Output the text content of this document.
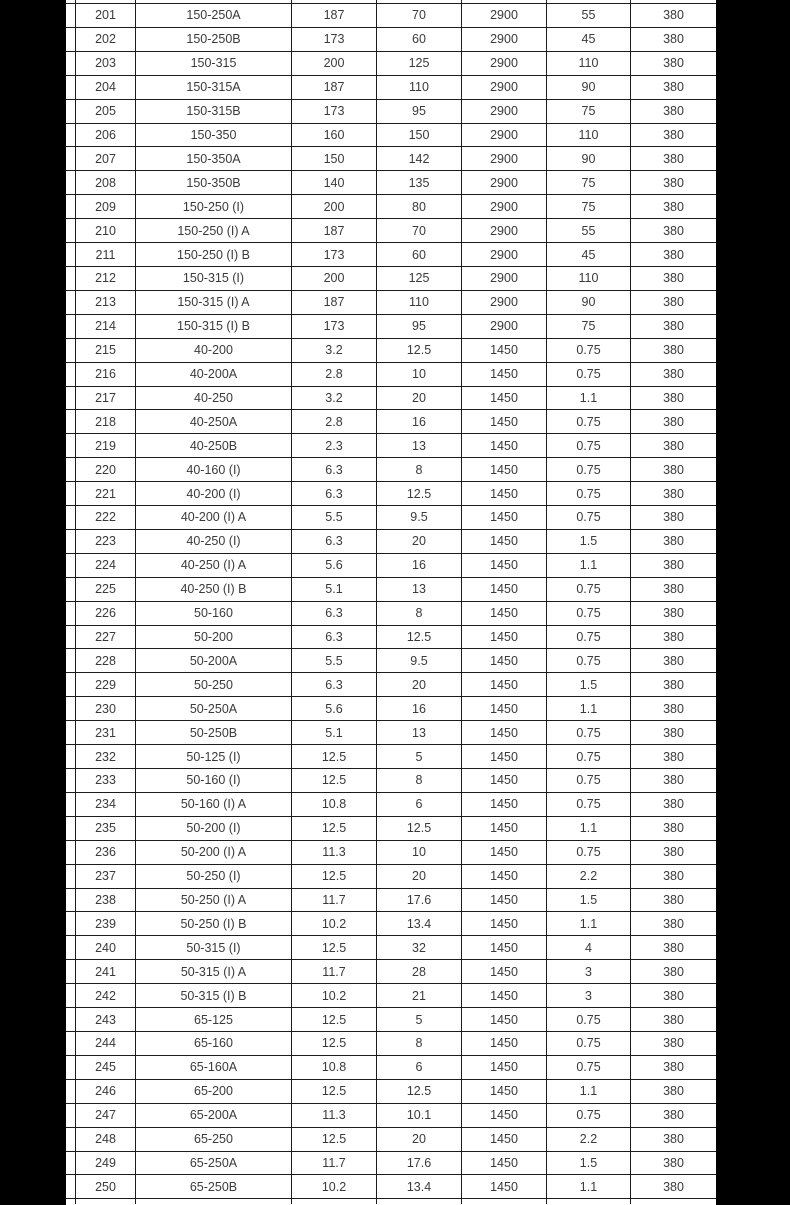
201	150-250A	187	70	2900	55	380
202	150-250B	173	60	2900	45	380
203	150-315	200	125	2900	110	380
204	150-315A	187	110	2900	90	380
205	150-315B	173	95	2900	75	380
206	150-350	160	150	2900	110	380
207	150-350A	150	142	2900	90	380
208	150-350B	140	135	2900	75	380
209	150-250 (I)	200	80	2900	75	380
210	150-250 (I) A	187	70	2900	55	380
211	150-250 (I) B	173	60	2900	45	380
212	150-315 (I)	200	125	2900	110	380
213	150-315 (I) A	187	110	2900	90	380
214	150-315 (I) B	173	95	2900	75	380
215	40-200	3.2	12.5	1450	0.75	380
216	40-200A	2.8	10	1450	0.75	380
217	40-250	3.2	20	1450	1.1	380
218	40-250A	2.8	16	1450	0.75	380
219	40-250B	2.3	13	1450	0.75	380
220	40-160 (I)	6.3	8	1450	0.75	380
221	40-200 (I)	6.3	12.5	1450	0.75	380
222	40-200 (I) A	5.5	9.5	1450	0.75	380
223	40-250 (I)	6.3	20	1450	1.5	380
224	40-250 (I) A	5.6	16	1450	1.1	380
225	40-250 (I) B	5.1	13	1450	0.75	380
226	50-160	6.3	8	1450	0.75	380
227	50-200	6.3	12.5	1450	0.75	380
228	50-200A	5.5	9.5	1450	0.75	380
229	50-250	6.3	20	1450	1.5	380
230	50-250A	5.6	16	1450	1.1	380
231	50-250B	5.1	13	1450	0.75	380
232	50-125 (I)	12.5	5	1450	0.75	380
233	50-160 (I)	12.5	8	1450	0.75	380
234	50-160 (I) A	10.8	6	1450	0.75	380
235	50-200 (I)	12.5	12.5	1450	1.1	380
236	50-200 (I) A	11.3	10	1450	0.75	380
237	50-250 (I)	12.5	20	1450	2.2	380
238	50-250 (I) A	11.7	17.6	1450	1.5	380
239	50-250 (I) B	10.2	13.4	1450	1.1	380
240	50-315 (I)	12.5	32	1450	4	380
241	50-315 (I) A	11.7	28	1450	3	380
242	50-315 (I) B	10.2	21	1450	3	380
243	65-125	12.5	5	1450	0.75	380
244	65-160	12.5	8	1450	0.75	380
245	65-160A	10.8	6	1450	0.75	380
246	65-200	12.5	12.5	1450	1.1	380
247	65-200A	11.3	10.1	1450	0.75	380
248	65-250	12.5	20	1450	2.2	380
249	65-250A	11.7	17.6	1450	1.5	380
250	65-250B	10.2	13.4	1450	1.1	380
